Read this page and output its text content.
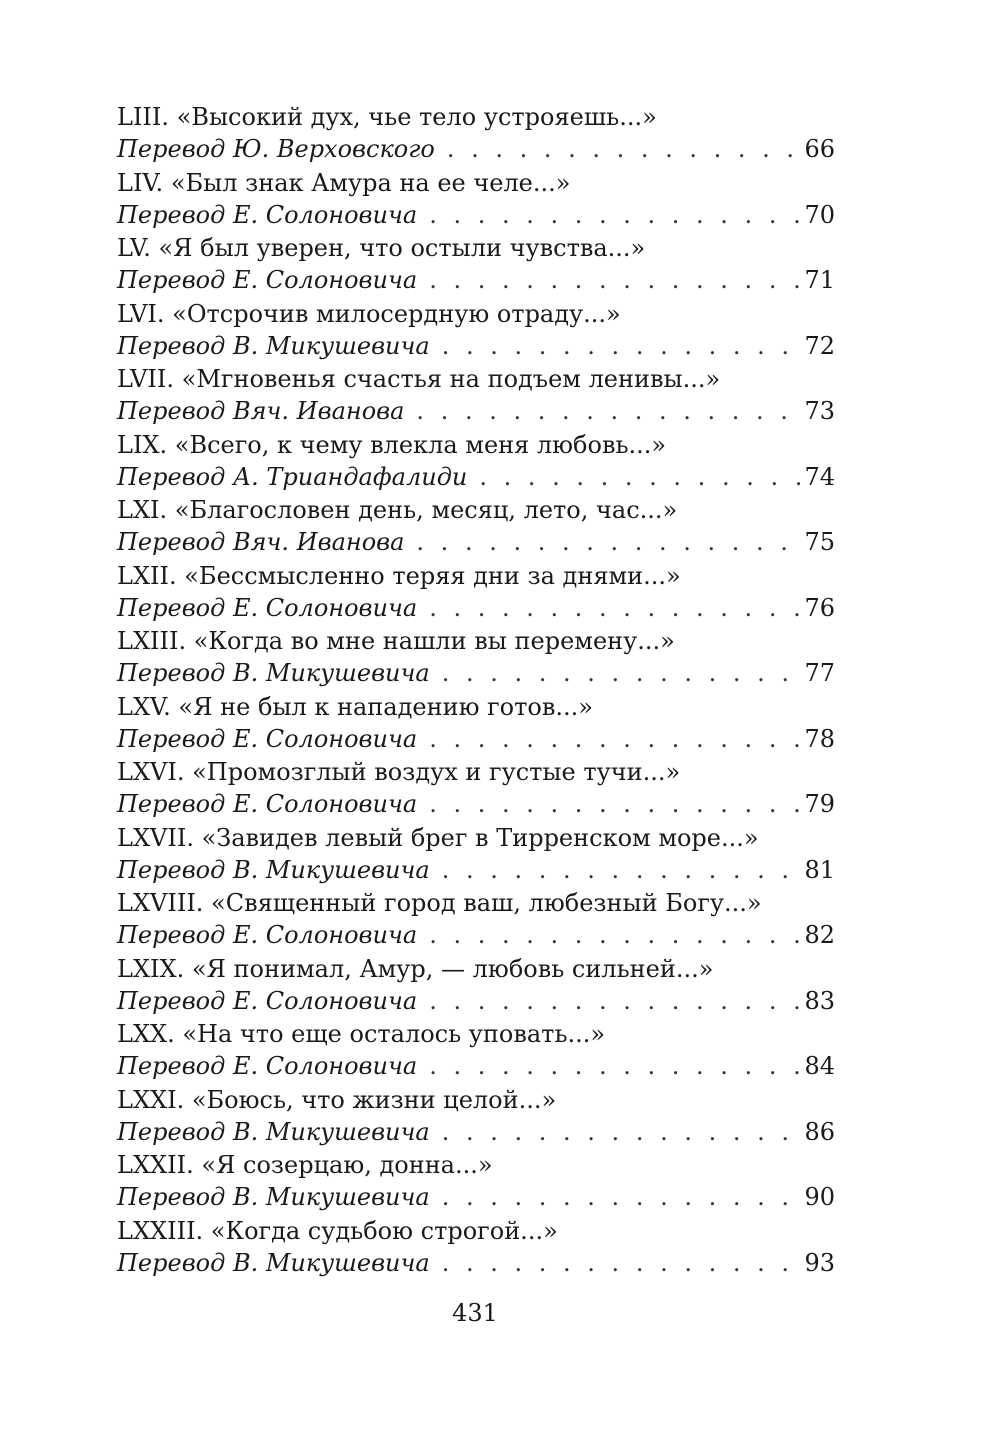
LIII. «Высокий дух, чье тело устрояешь...»
Перевод Ю. Верховского . . .	66
LIV. «Был знак Амура на ее челе...»
Перевод Е. Солоновича . . .	70
LV. «Я был уверен, что остыли чувства...»
Перевод Е. Солоновича . . .	71
LVI. «Отсрочив милосердную отраду...»
Перевод В. Микушевича . . .	72
LVII. «Мгновенья счастья на подъем ленивы...»
Перевод Вяч. Иванова . . .	73
LIX. «Всего, к чему влекла меня любовь...»
Перевод А. Триандафалиди . . .	74
LXI. «Благословен день, месяц, лето, час...»
Перевод Вяч. Иванова . . .	75
LXII. «Бессмысленно теряя дни за днями...»
Перевод Е. Солоновича . . .	76
LXIII. «Когда во мне нашли вы перемену...»
Перевод В. Микушевича . . .	77
LXV. «Я не был к нападению готов...»
Перевод Е. Солоновича . . .	78
LXVI. «Промозглый воздух и густые тучи...»
Перевод Е. Солоновича . . .	79
LXVII. «Завидев левый брег в Тирренском море...»
Перевод В. Микушевича . . .	81
LXVIII. «Священный город ваш, любезный Богу...»
Перевод Е. Солоновича . . .	82
LXIX. «Я понимал, Амур, — любовь сильней...»
Перевод Е. Солоновича . . .	83
LXX. «На что еще осталось уповать...»
Перевод Е. Солоновича . . .	84
LXXI. «Боюсь, что жизни целой...»
Перевод В. Микушевича . . .	86
LXXII. «Я созерцаю, донна...»
Перевод В. Микушевича . . .	90
LXXIII. «Когда судьбою строгой...»
Перевод В. Микушевича . . .	93
431
